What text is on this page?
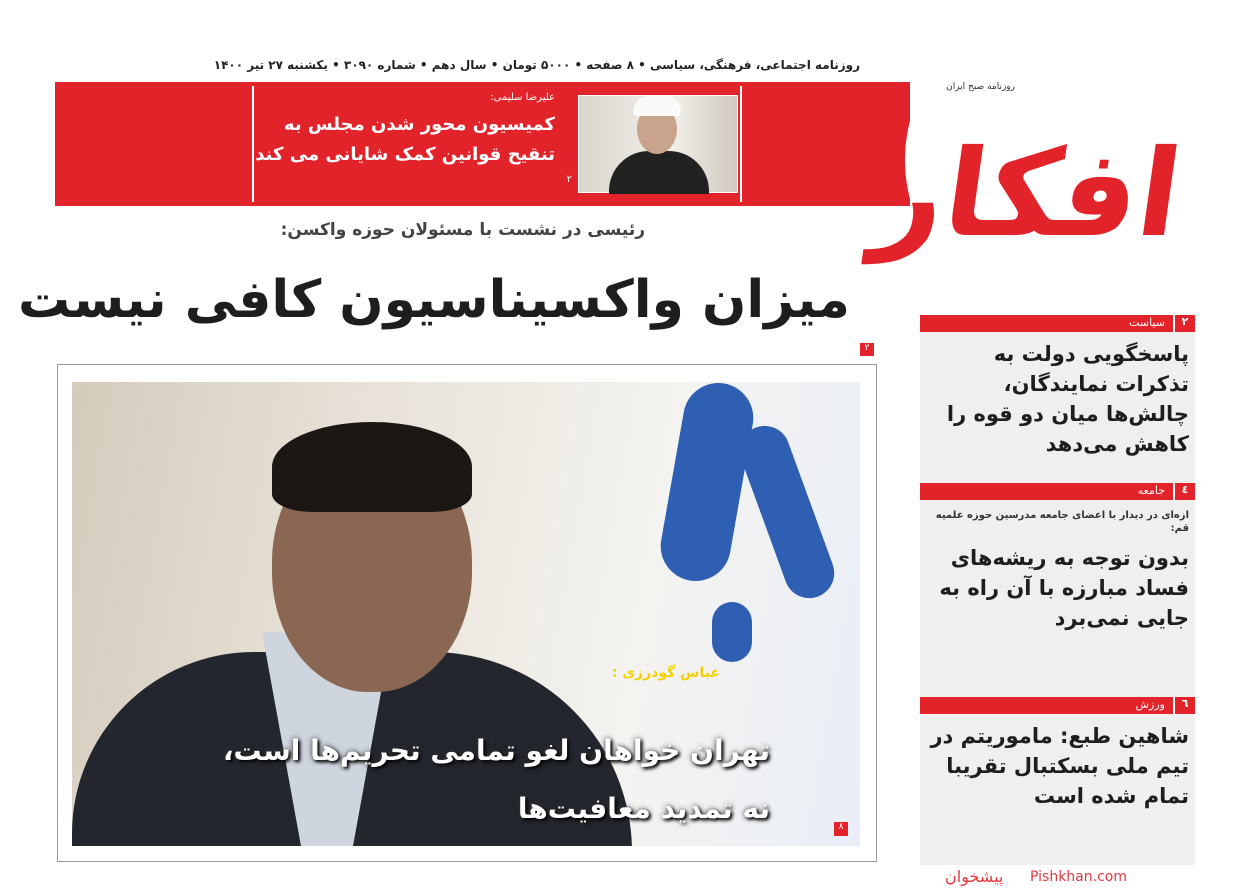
روزنامه اجتماعی، فرهنگی، سیاسی • ۸ صفحه • ۵۰۰۰ تومان • سال دهم • شماره ۳۰۹۰ • یکشنبه ۲۷ تیر ۱۴۰۰
علیرضا سلیمی:
کمیسیون محور شدن مجلس به تنقیح قوانین کمک شایانی می کند
۲
روزنامه صبح ایران
افکار
رئیسی در نشست با مسئولان حوزه واکسن:
میزان واکسیناسیون کافی نیست
۲
عباس گودرزی :
تهران خواهان لغو تمامی تحریم‌ها است، نه تمدید معافیت‌ها
۸
۲
سیاست
پاسخگویی دولت به تذکرات نمایندگان، چالش‌ها میان دو قوه را کاهش می‌دهد
٤
جامعه
ازه‌ای در دیدار با اعضای جامعه مدرسین حوزه علمیه قم:
بدون توجه به ریشه‌های فساد مبارزه با آن راه به جایی نمی‌برد
٦
ورزش
شاهین طبع: ماموریتم در تیم ملی بسکتبال تقریبا تمام شده است
پیشخوان Pishkhan.com
